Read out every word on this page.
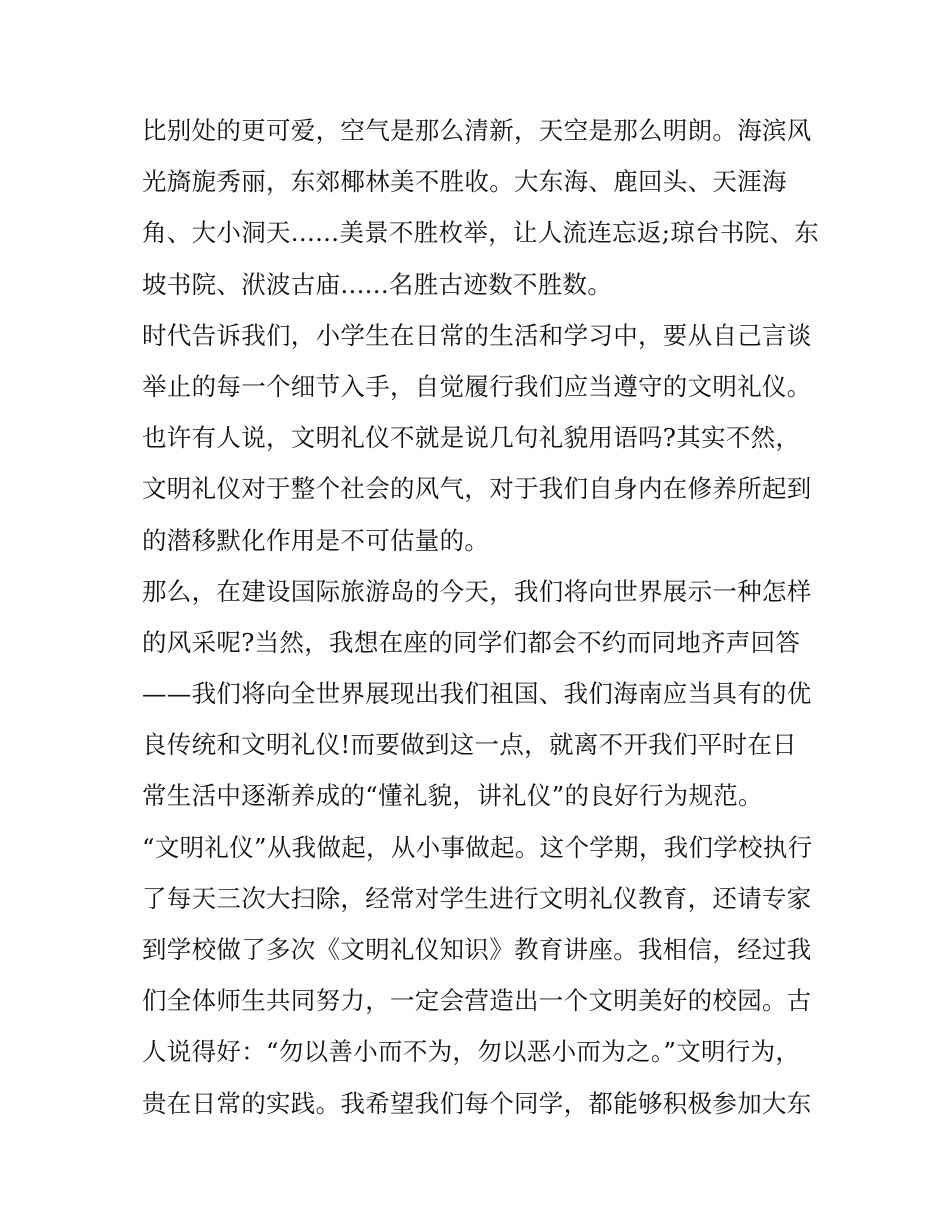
比别处的更可爱，空气是那么清新，天空是那么明朗。海滨风
光旖旎秀丽，东郊椰林美不胜收。大东海、鹿回头、天涯海
角、大小洞天......美景不胜枚举，让人流连忘返;琼台书院、东
坡书院、洑波古庙......名胜古迹数不胜数。
时代告诉我们，小学生在日常的生活和学习中，要从自己言谈
举止的每一个细节入手，自觉履行我们应当遵守的文明礼仪。
也许有人说，文明礼仪不就是说几句礼貌用语吗?其实不然，
文明礼仪对于整个社会的风气，对于我们自身内在修养所起到
的潜移默化作用是不可估量的。
那么，在建设国际旅游岛的今天，我们将向世界展示一种怎样
的风采呢?当然，我想在座的同学们都会不约而同地齐声回答
——我们将向全世界展现出我们祖国、我们海南应当具有的优
良传统和文明礼仪!而要做到这一点，就离不开我们平时在日
常生活中逐渐养成的“懂礼貌，讲礼仪”的良好行为规范。
“文明礼仪”从我做起，从小事做起。这个学期，我们学校执行
了每天三次大扫除，经常对学生进行文明礼仪教育，还请专家
到学校做了多次《文明礼仪知识》教育讲座。我相信，经过我
们全体师生共同努力，一定会营造出一个文明美好的校园。古
人说得好：“勿以善小而不为，勿以恶小而为之。”文明行为，
贵在日常的实践。我希望我们每个同学，都能够积极参加大东
